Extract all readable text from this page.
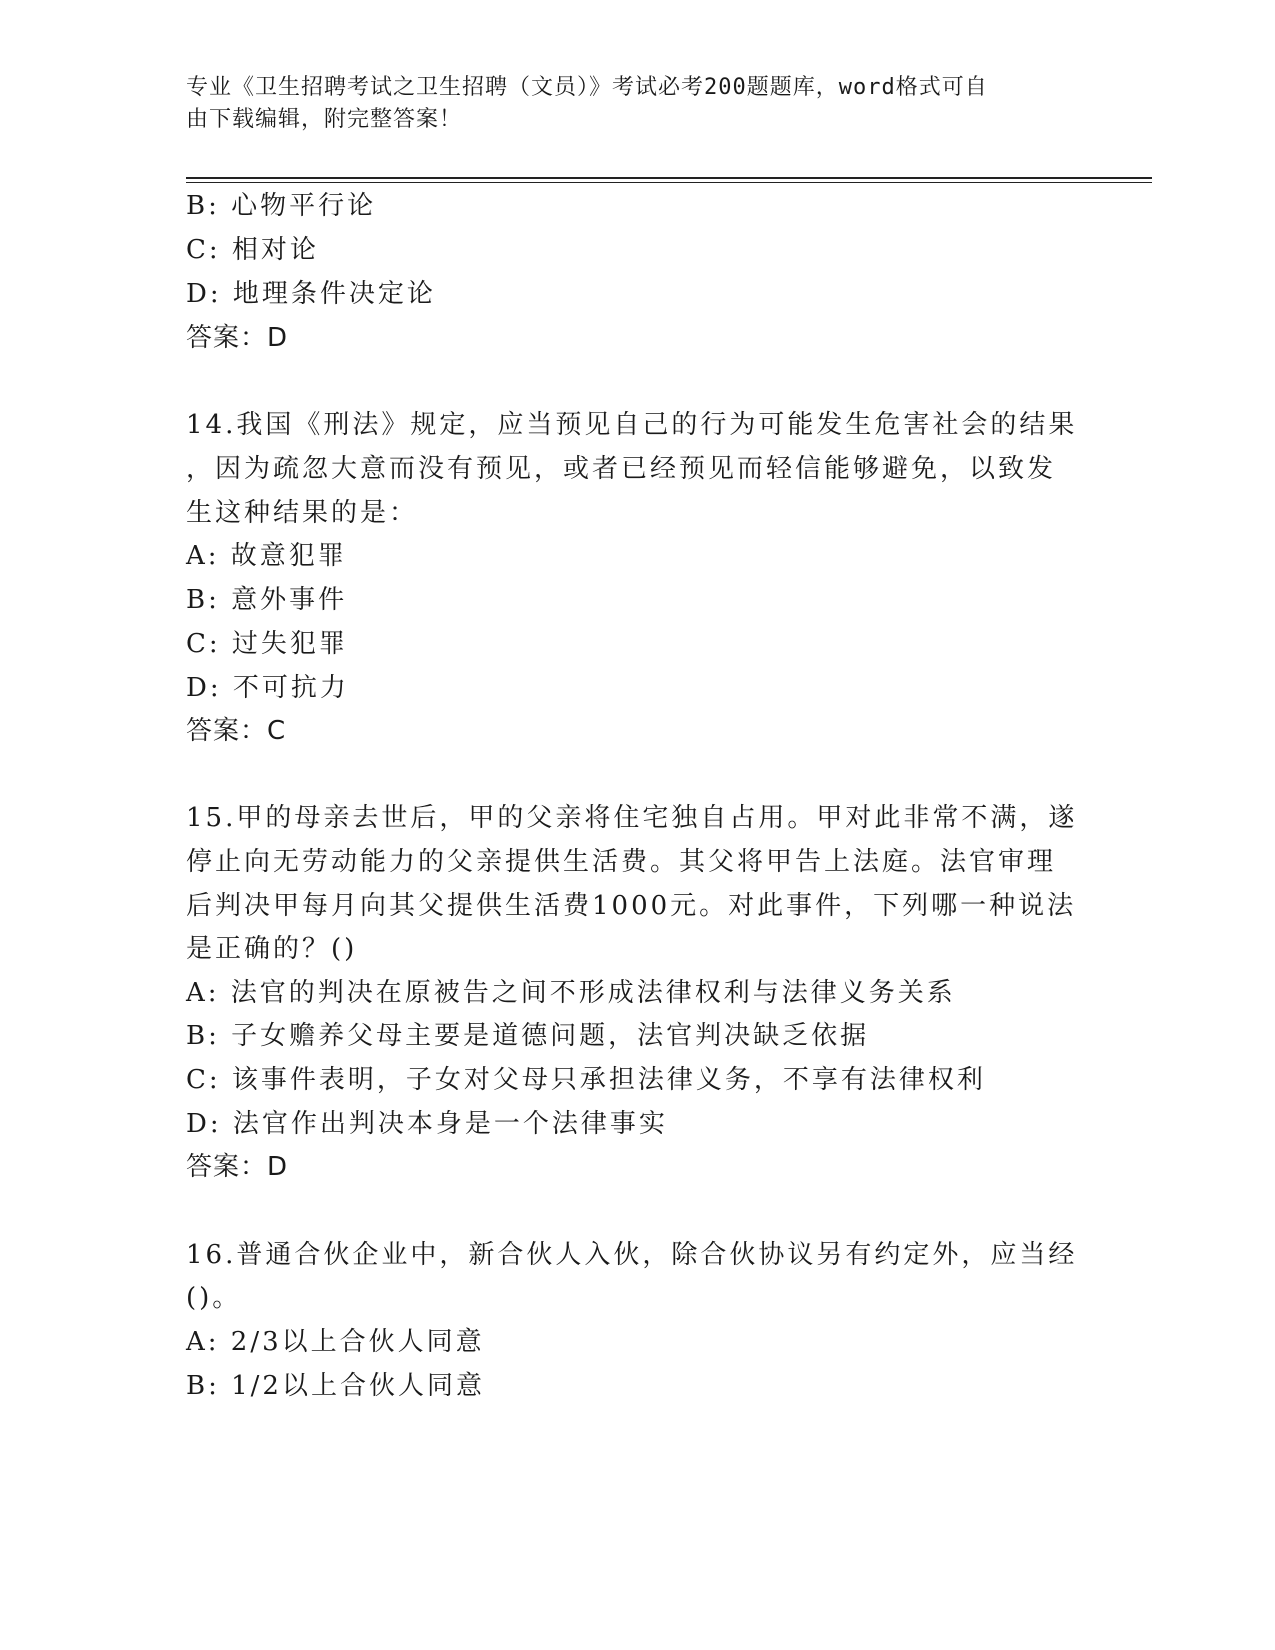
专业《卫生招聘考试之卫生招聘（文员）》考试必考200题题库，word格式可自
由下载编辑，附完整答案！
B: 心物平行论
C: 相对论
D: 地理条件决定论
答案：D
14.我国《刑法》规定，应当预见自己的行为可能发生危害社会的结果
，因为疏忽大意而没有预见，或者已经预见而轻信能够避免，以致发
生这种结果的是：
A: 故意犯罪
B: 意外事件
C: 过失犯罪
D: 不可抗力
答案：C
15.甲的母亲去世后，甲的父亲将住宅独自占用。甲对此非常不满，遂
停止向无劳动能力的父亲提供生活费。其父将甲告上法庭。法官审理
后判决甲每月向其父提供生活费1000元。对此事件，下列哪一种说法
是正确的？()
A: 法官的判决在原被告之间不形成法律权利与法律义务关系
B: 子女赡养父母主要是道德问题，法官判决缺乏依据
C: 该事件表明，子女对父母只承担法律义务，不享有法律权利
D: 法官作出判决本身是一个法律事实
答案：D
16.普通合伙企业中，新合伙人入伙，除合伙协议另有约定外，应当经
()。
A: 2/3以上合伙人同意
B: 1/2以上合伙人同意
